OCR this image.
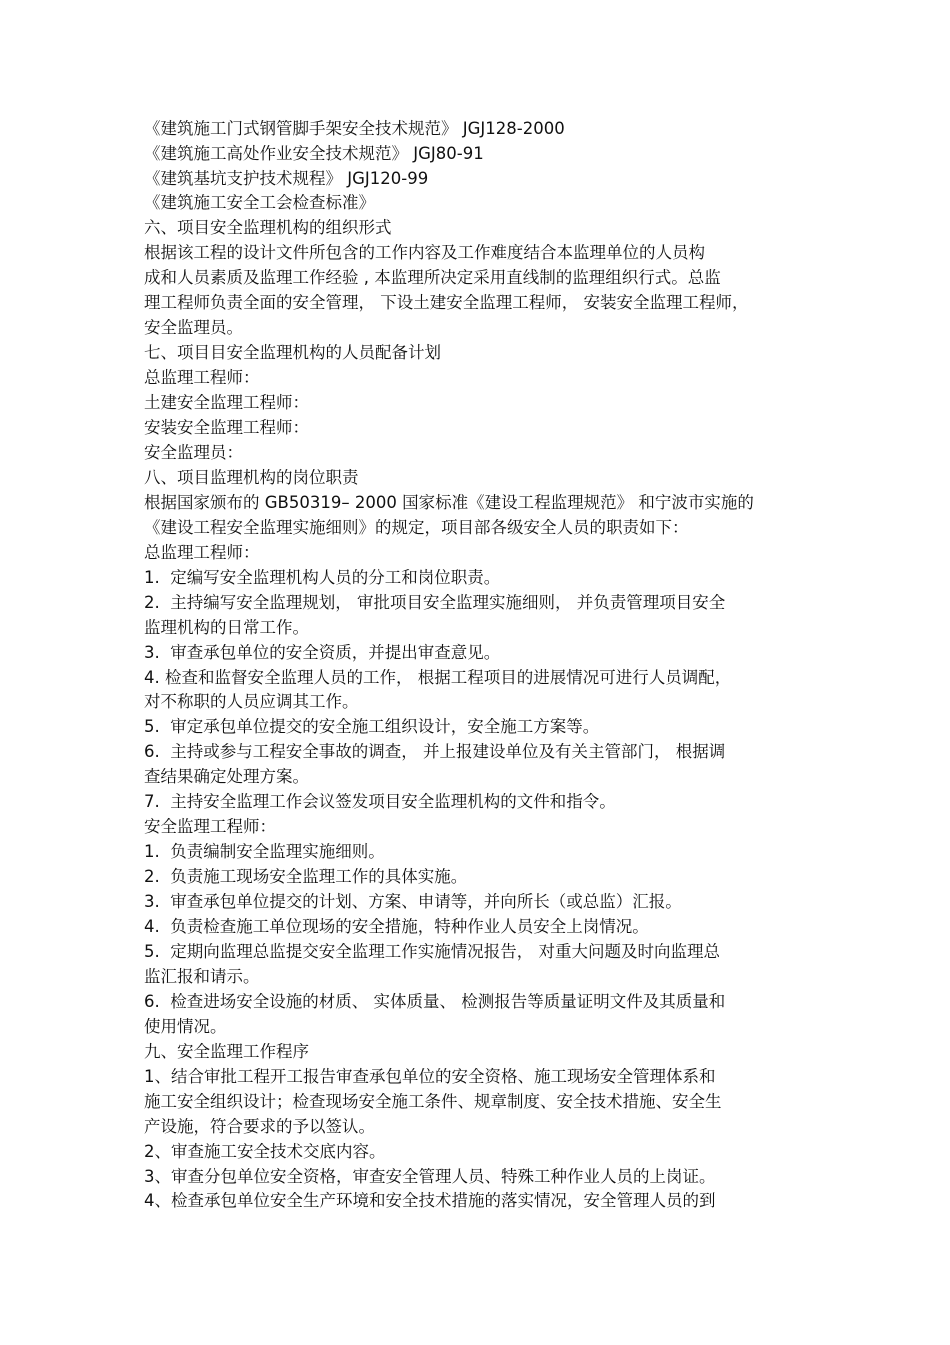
《建筑施工门式钢管脚手架安全技术规范》 JGJ128-2000
《建筑施工高处作业安全技术规范》 JGJ80-91
《建筑基坑支护技术规程》 JGJ120-99
《建筑施工安全工会检查标准》
六、项目安全监理机构的组织形式
根据该工程的设计文件所包含的工作内容及工作难度结合本监理单位的人员构
成和人员素质及监理工作经验 , 本监理所决定采用直线制的监理组织行式。总监
理工程师负责全面的安全管理， 下设土建安全监理工程师， 安装安全监理工程师，
安全监理员。
七、项目目安全监理机构的人员配备计划
总监理工程师：
土建安全监理工程师：
安装安全监理工程师：
安全监理员：
八、项目监理机构的岗位职责
根据国家颁布的 GB50319– 2000 国家标准《建设工程监理规范》 和宁波市实施的
《建设工程安全监理实施细则》的规定，项目部各级安全人员的职责如下：
总监理工程师：
1.  定编写安全监理机构人员的分工和岗位职责。
2.  主持编写安全监理规划， 审批项目安全监理实施细则， 并负责管理项目安全
监理机构的日常工作。
3.  审查承包单位的安全资质，并提出审查意见。
4. 检查和监督安全监理人员的工作， 根据工程项目的进展情况可进行人员调配，
对不称职的人员应调其工作。
5.  审定承包单位提交的安全施工组织设计，安全施工方案等。
6.  主持或参与工程安全事故的调查， 并上报建设单位及有关主管部门， 根据调
查结果确定处理方案。
7.  主持安全监理工作会议签发项目安全监理机构的文件和指令。
安全监理工程师：
1.  负责编制安全监理实施细则。
2.  负责施工现场安全监理工作的具体实施。
3.  审查承包单位提交的计划、方案、申请等，并向所长（或总监）汇报。
4.  负责检查施工单位现场的安全措施，特种作业人员安全上岗情况。
5.  定期向监理总监提交安全监理工作实施情况报告， 对重大问题及时向监理总
监汇报和请示。
6.  检查进场安全设施的材质、 实体质量、 检测报告等质量证明文件及其质量和
使用情况。
九、安全监理工作程序
1、结合审批工程开工报告审查承包单位的安全资格、施工现场安全管理体系和
施工安全组织设计；检查现场安全施工条件、规章制度、安全技术措施、安全生
产设施，符合要求的予以签认。
2、审查施工安全技术交底内容。
3、审查分包单位安全资格，审查安全管理人员、特殊工种作业人员的上岗证。
4、检查承包单位安全生产环境和安全技术措施的落实情况，安全管理人员的到
